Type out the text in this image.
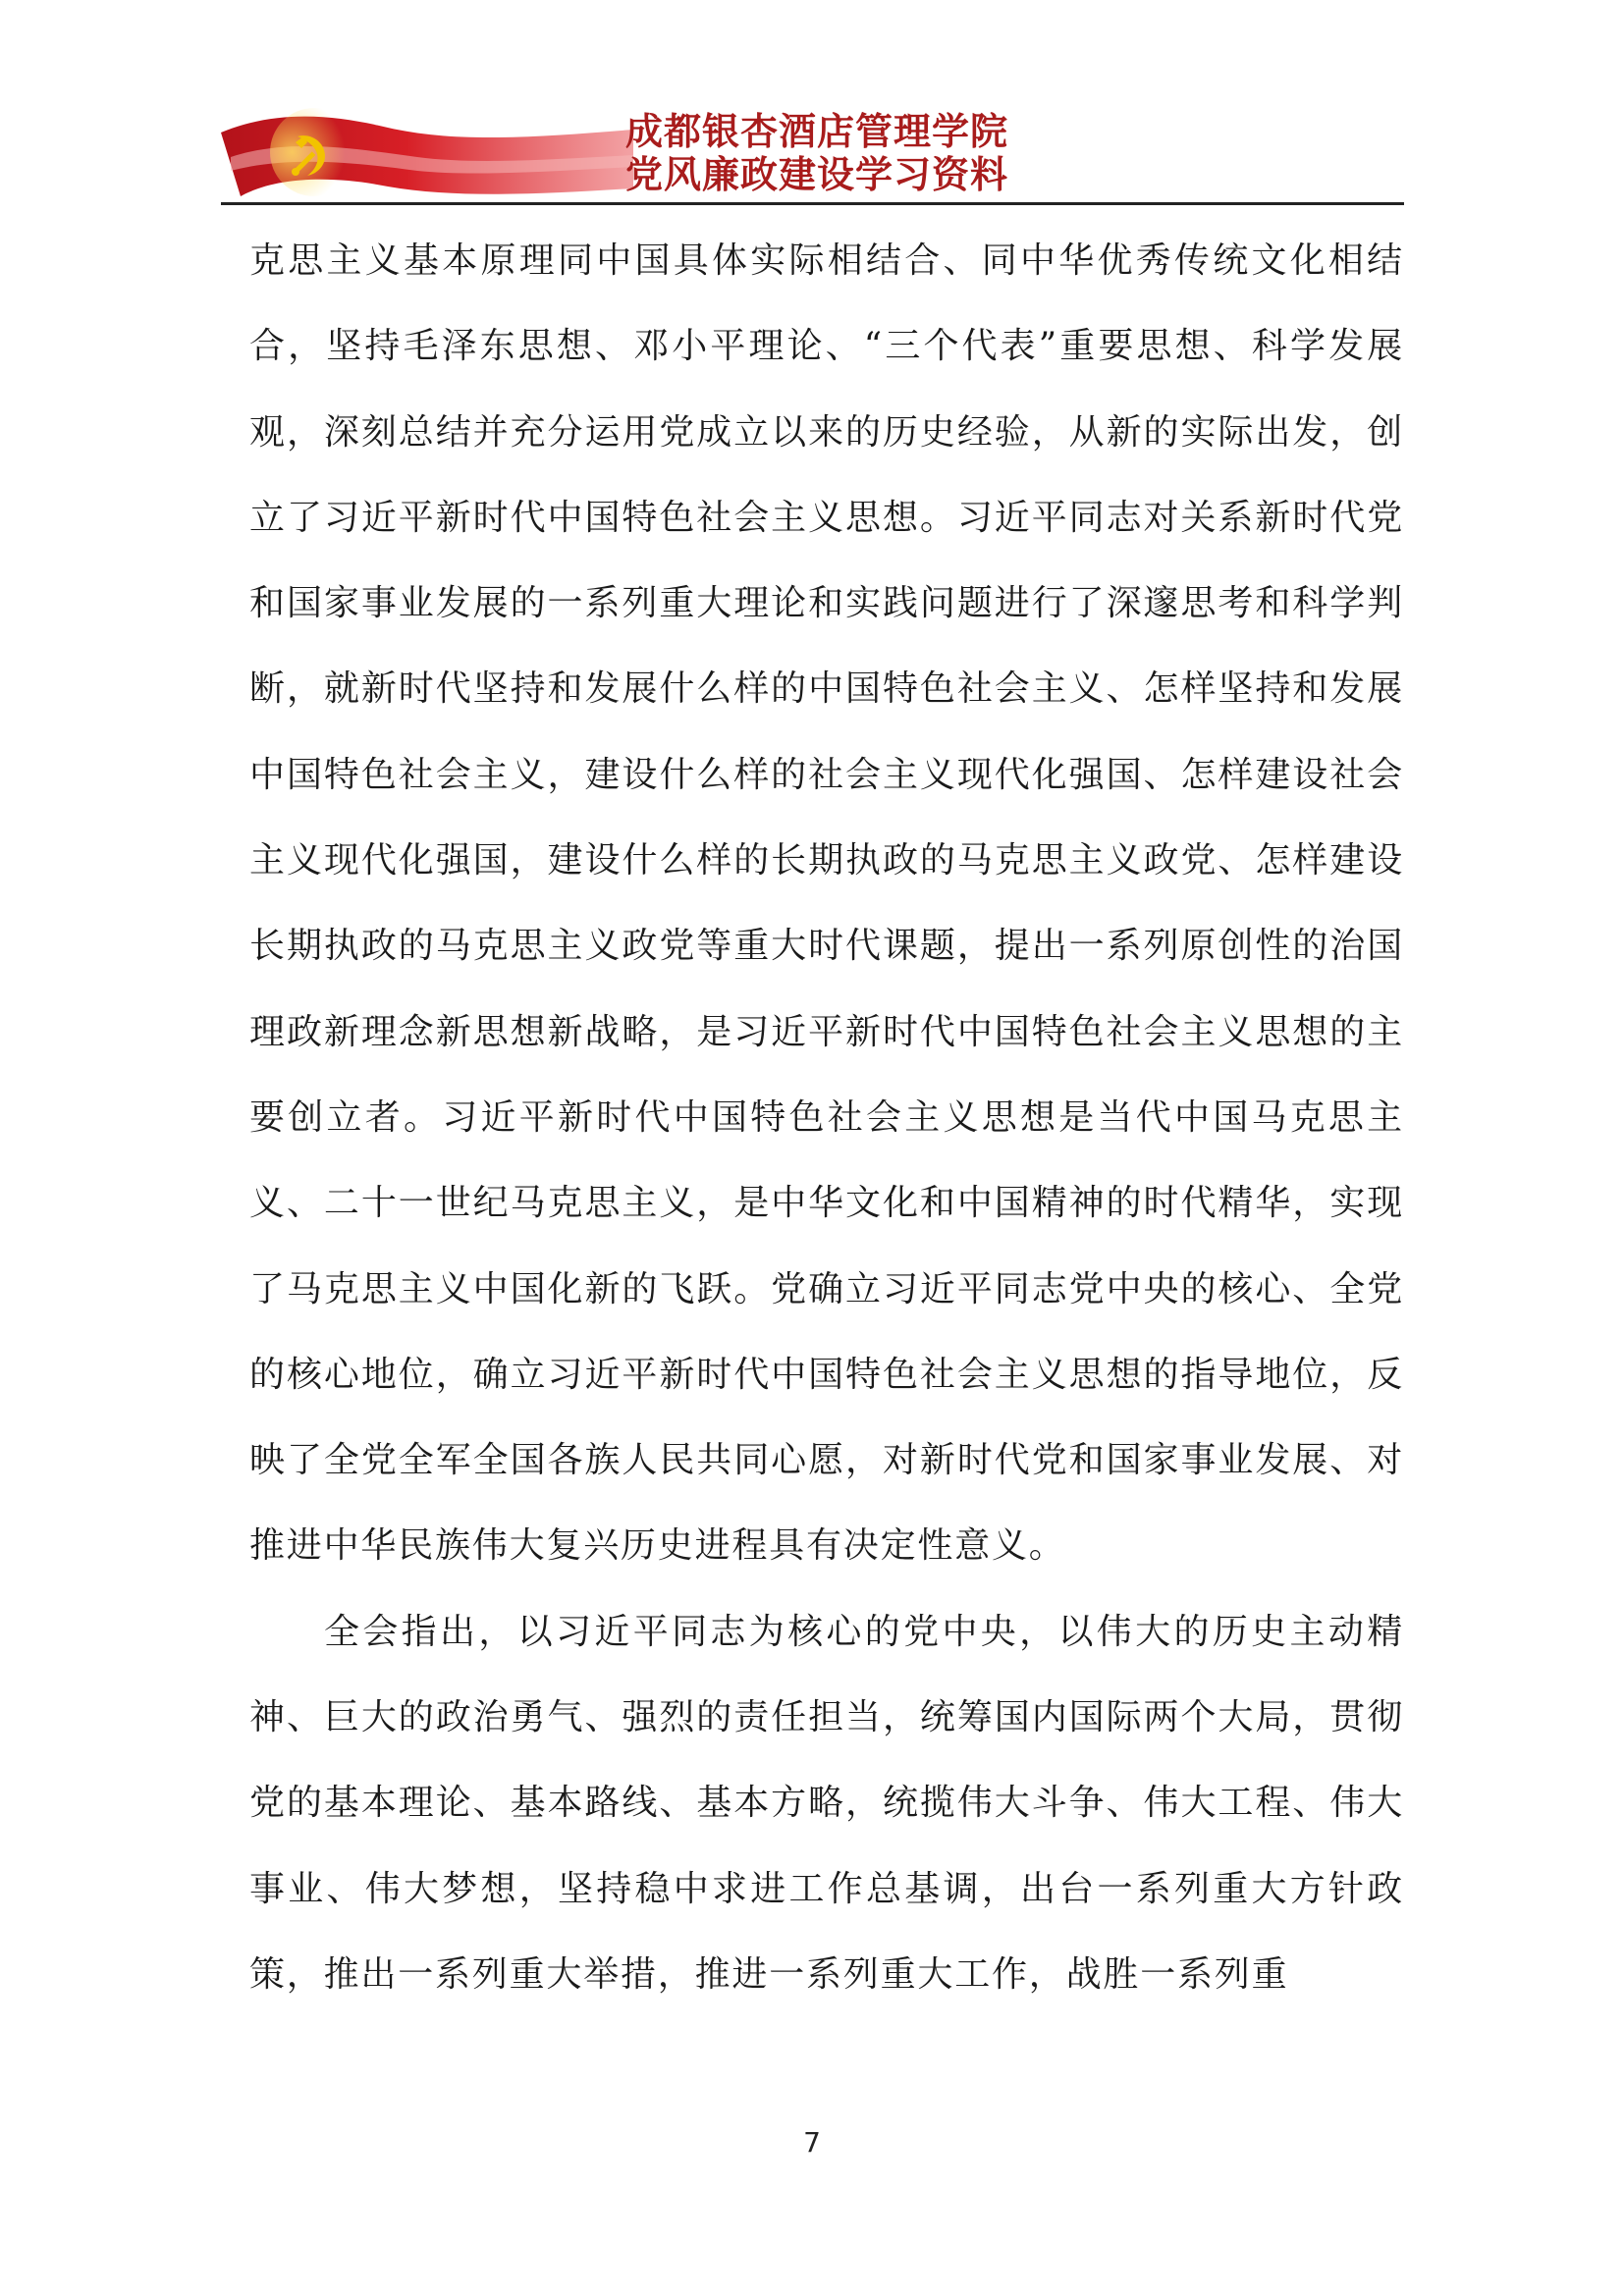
成都银杏酒店管理学院
党风廉政建设学习资料

克思主义基本原理同中国具体实际相结合、同中华优秀传统文化相结合，坚持毛泽东思想、邓小平理论、“三个代表”重要思想、科学发展观，深刻总结并充分运用党成立以来的历史经验，从新的实际出发，创立了习近平新时代中国特色社会主义思想。习近平同志对关系新时代党和国家事业发展的一系列重大理论和实践问题进行了深邃思考和科学判断，就新时代坚持和发展什么样的中国特色社会主义、怎样坚持和发展中国特色社会主义，建设什么样的社会主义现代化强国、怎样建设社会主义现代化强国，建设什么样的长期执政的马克思主义政党、怎样建设长期执政的马克思主义政党等重大时代课题，提出一系列原创性的治国理政新理念新思想新战略，是习近平新时代中国特色社会主义思想的主要创立者。习近平新时代中国特色社会主义思想是当代中国马克思主义、二十一世纪马克思主义，是中华文化和中国精神的时代精华，实现了马克思主义中国化新的飞跃。党确立习近平同志党中央的核心、全党的核心地位，确立习近平新时代中国特色社会主义思想的指导地位，反映了全党全军全国各族人民共同心愿，对新时代党和国家事业发展、对推进中华民族伟大复兴历史进程具有决定性意义。

全会指出，以习近平同志为核心的党中央，以伟大的历史主动精神、巨大的政治勇气、强烈的责任担当，统筹国内国际两个大局，贯彻党的基本理论、基本路线、基本方略，统揽伟大斗争、伟大工程、伟大事业、伟大梦想，坚持稳中求进工作总基调，出台一系列重大方针政策，推出一系列重大举措，推进一系列重大工作，战胜一系列重

7
